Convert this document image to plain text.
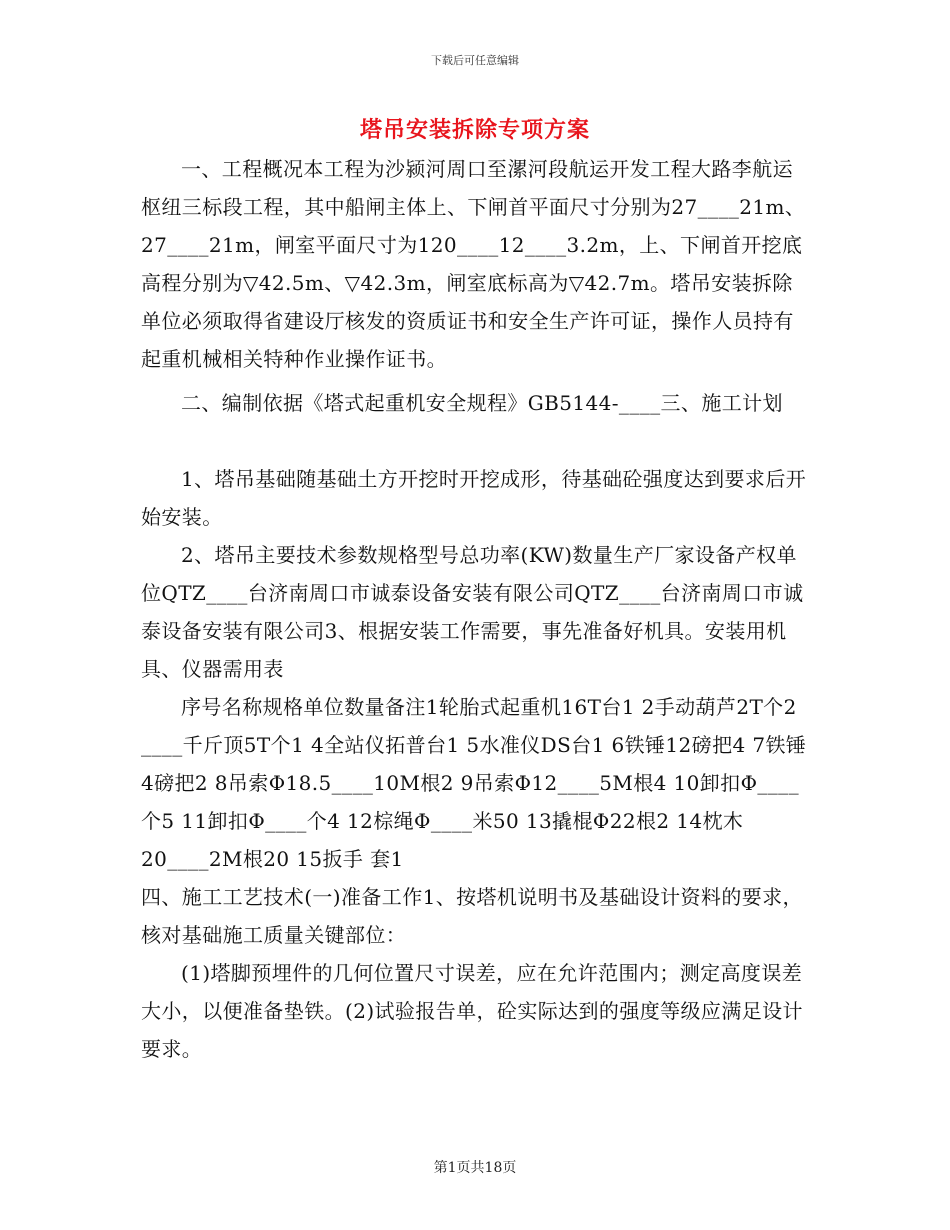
下载后可任意编辑
塔吊安装拆除专项方案

一、工程概况本工程为沙颍河周口至漯河段航运开发工程大路李航运枢纽三标段工程，其中船闸主体上、下闸首平面尺寸分别为27____21m、27____21m，闸室平面尺寸为120____12____3.2m，上、下闸首开挖底高程分别为▽42.5m、▽42.3m，闸室底标高为▽42.7m。塔吊安装拆除单位必须取得省建设厅核发的资质证书和安全生产许可证，操作人员持有起重机械相关特种作业操作证书。

二、编制依据《塔式起重机安全规程》GB5144-____三、施工计划

1、塔吊基础随基础土方开挖时开挖成形，待基础砼强度达到要求后开始安装。

2、塔吊主要技术参数规格型号总功率(KW)数量生产厂家设备产权单位QTZ____台济南周口市诚泰设备安装有限公司QTZ____台济南周口市诚泰设备安装有限公司3、根据安装工作需要，事先准备好机具。安装用机具、仪器需用表

序号名称规格单位数量备注1轮胎式起重机16T台1 2手动葫芦2T个2 ____千斤顶5T个1 4全站仪拓普台1 5水准仪DS台1 6铁锤12磅把4 7铁锤4磅把2 8吊索Φ18.5____10M根2 9吊索Φ12____5M根4 10卸扣Φ____个5 11卸扣Φ____个4 12棕绳Φ____米50 13撬棍Φ22根2 14枕木20____2M根20 15扳手 套1

四、施工工艺技术(一)准备工作1、按塔机说明书及基础设计资料的要求，核对基础施工质量关键部位：

(1)塔脚预埋件的几何位置尺寸误差，应在允许范围内；测定高度误差大小，以便准备垫铁。(2)试验报告单，砼实际达到的强度等级应满足设计要求。

第1页共18页
